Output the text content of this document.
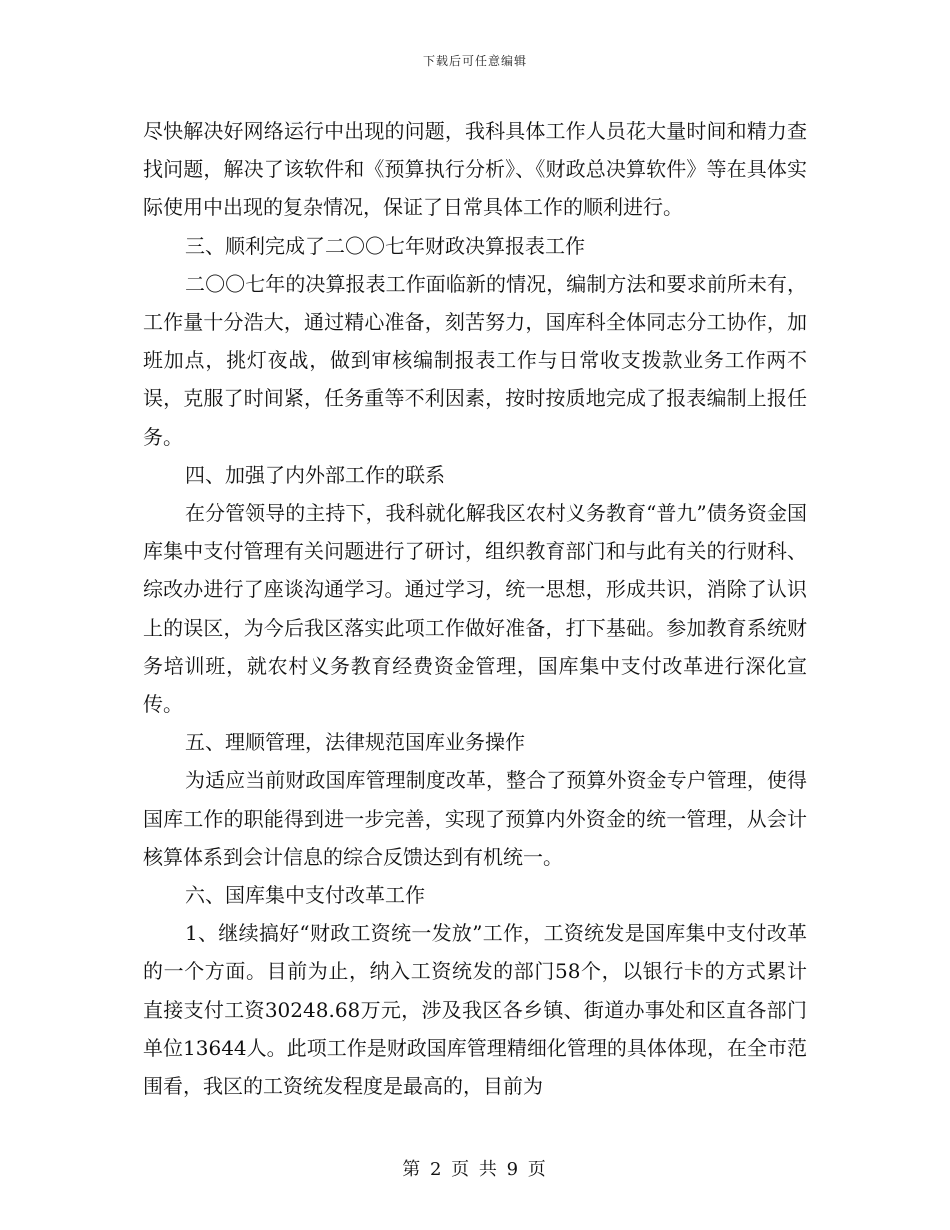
下载后可任意编辑

尽快解决好网络运行中出现的问题，我科具体工作人员花大量时间和精力查找问题，解决了该软件和《预算执行分析》、《财政总决算软件》等在具体实际使用中出现的复杂情况，保证了日常具体工作的顺利进行。

三、顺利完成了二〇〇七年财政决算报表工作

二〇〇七年的决算报表工作面临新的情况，编制方法和要求前所未有，工作量十分浩大，通过精心准备，刻苦努力，国库科全体同志分工协作，加班加点，挑灯夜战，做到审核编制报表工作与日常收支拨款业务工作两不误，克服了时间紧，任务重等不利因素，按时按质地完成了报表编制上报任务。

四、加强了内外部工作的联系

在分管领导的主持下，我科就化解我区农村义务教育“普九”债务资金国库集中支付管理有关问题进行了研讨，组织教育部门和与此有关的行财科、综改办进行了座谈沟通学习。通过学习，统一思想，形成共识，消除了认识上的误区，为今后我区落实此项工作做好准备，打下基础。参加教育系统财务培训班，就农村义务教育经费资金管理，国库集中支付改革进行深化宣传。

五、理顺管理，法律规范国库业务操作

为适应当前财政国库管理制度改革，整合了预算外资金专户管理，使得国库工作的职能得到进一步完善，实现了预算内外资金的统一管理，从会计核算体系到会计信息的综合反馈达到有机统一。

六、国库集中支付改革工作

1、继续搞好“财政工资统一发放”工作，工资统发是国库集中支付改革的一个方面。目前为止，纳入工资统发的部门58个，以银行卡的方式累计直接支付工资30248.68万元，涉及我区各乡镇、街道办事处和区直各部门单位13644人。此项工作是财政国库管理精细化管理的具体体现，在全市范围看，我区的工资统发程度是最高的，目前为

第 2 页 共 9 页
